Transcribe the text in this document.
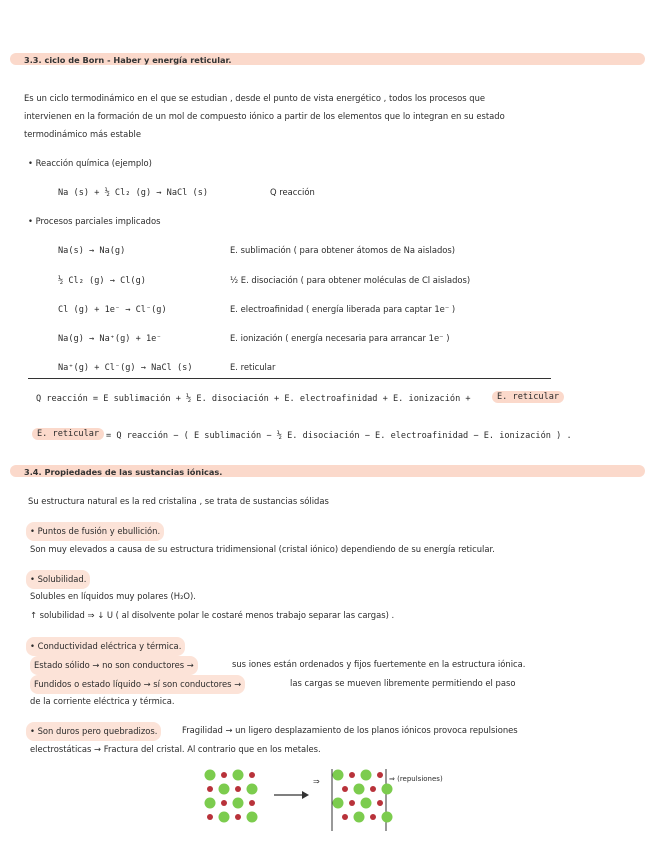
3.3. ciclo de Born - Haber y energía reticular.
Es un ciclo termodinámico en el que se estudian , desde el punto de vista energético , todos los procesos que
intervienen en la formación de un mol de compuesto iónico a partir de los elementos que lo integran en su estado
termodinámico más estable
• Reacción química (ejemplo)
Na (s) + ½ Cl₂ (g) → NaCl (s)	Q reacción
• Procesos parciales implicados
Na(s) → Na(g)	E. sublimación ( para obtener átomos de Na aislados)
½ Cl₂ (g) → Cl(g)	½ E. disociación ( para obtener moléculas de Cl aislados)
Cl (g) + 1e⁻ → Cl⁻(g)	E. electroafinidad ( energía liberada para captar 1e⁻ )
Na(g) → Na⁺(g) + 1e⁻	E. ionización ( energía necesaria para arrancar 1e⁻ )
Na⁺(g) + Cl⁻(g) → NaCl (s)	E. reticular
Q reacción = E sublimación + ½ E. disociación + E. electroafinidad + E. ionización +	E. reticular
E. reticular = Q reacción − ( E sublimación − ½ E. disociación − E. electroafinidad − E. ionización ) .
3.4. Propiedades de las sustancias iónicas.
Su estructura natural es la red cristalina , se trata de sustancias sólidas
• Puntos de fusión y ebullición.
Son muy elevados a causa de su estructura tridimensional (cristal iónico) dependiendo de su energía reticular.
• Solubilidad.
Solubles en líquidos muy polares (H₂O).
↑ solubilidad ⇒ ↓ U ( al disolvente polar le costaré menos trabajo separar las cargas) .
• Conductividad eléctrica y térmica.
Estado sólido → no son conductores →	sus iones están ordenados y fijos fuertemente en la estructura iónica.
Fundidos o estado líquido → sí son conductores →	las cargas se mueven libremente permitiendo el paso
de la corriente eléctrica y térmica.
• Son duros pero quebradizos.	Fragilidad → un ligero desplazamiento de los planos iónicos provoca repulsiones
electrostáticas → Fractura del cristal. Al contrario que en los metales.
⇒	⇒ (repulsiones)
